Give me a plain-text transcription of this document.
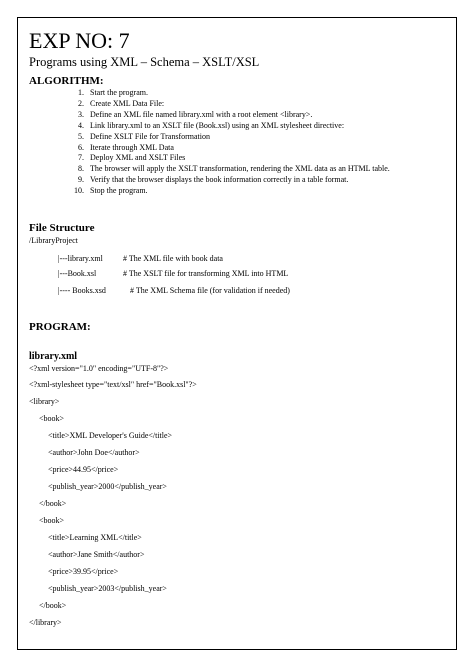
EXP NO: 7
Programs using XML – Schema – XSLT/XSL
ALGORITHM:
1. Start the program.
2. Create XML Data File:
3. Define an XML file named library.xml with a root element <library>.
4. Link library.xml to an XSLT file (Book.xsl) using an XML stylesheet directive:
5. Define XSLT File for Transformation
6. Iterate through XML Data
7. Deploy XML and XSLT Files
8. The browser will apply the XSLT transformation, rendering the XML data as an HTML table.
9. Verify that the browser displays the book information correctly in a table format.
10. Stop the program.
File Structure
/LibraryProject
|---library.xml	# The XML file with book data
|---Book.xsl	# The XSLT file for transforming XML into HTML
|---- Books.xsd	# The XML Schema file (for validation if needed)
PROGRAM:
library.xml
<?xml version="1.0" encoding="UTF-8"?>
<?xml-stylesheet type="text/xsl" href="Book.xsl"?>
<library>
<book>
<title>XML Developer's Guide</title>
<author>John Doe</author>
<price>44.95</price>
<publish_year>2000</publish_year>
</book>
<book>
<title>Learning XML</title>
<author>Jane Smith</author>
<price>39.95</price>
<publish_year>2003</publish_year>
</book>
</library>
